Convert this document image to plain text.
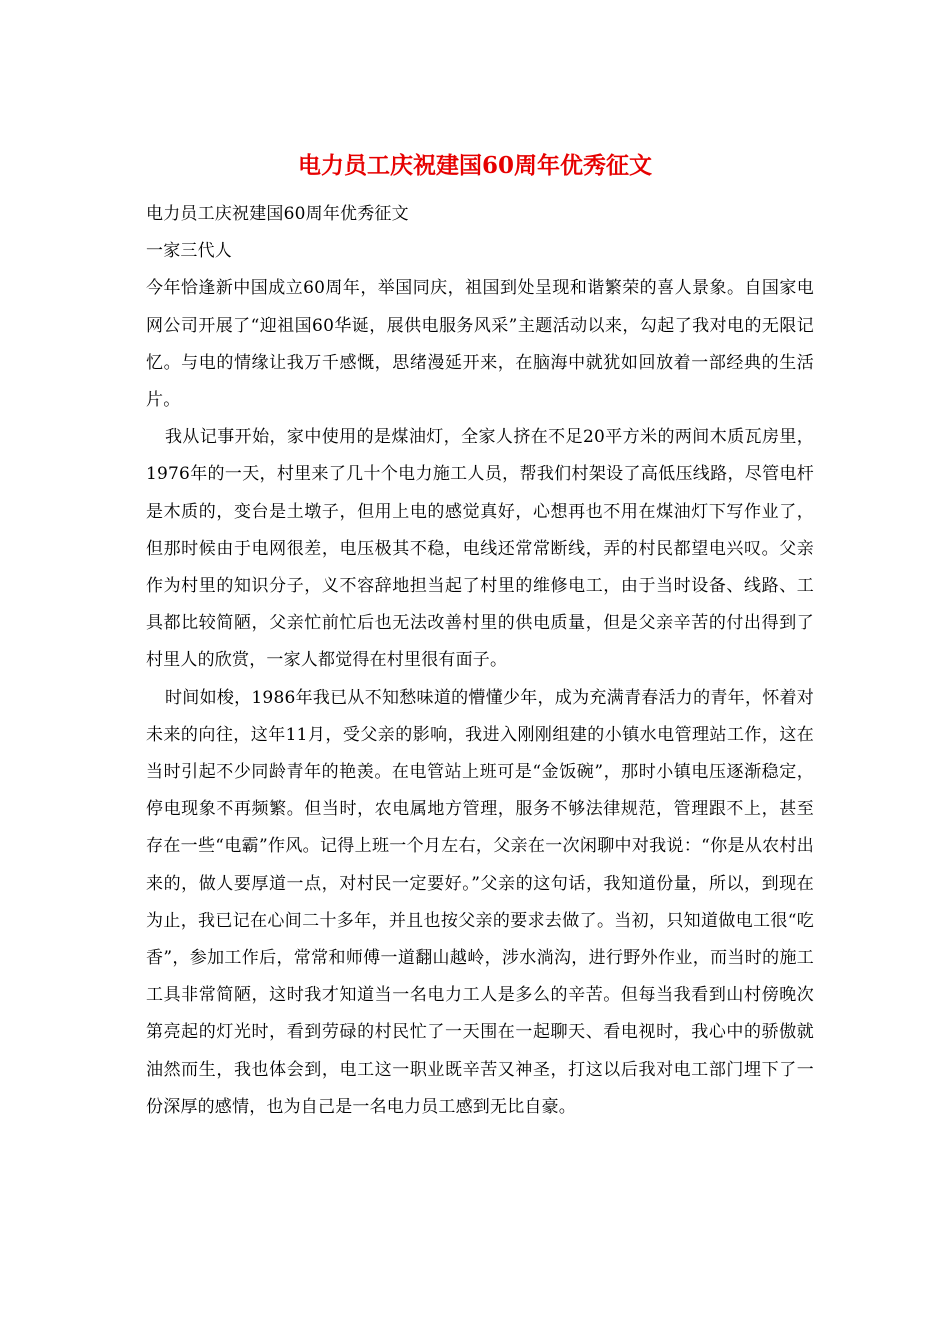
电力员工庆祝建国60周年优秀征文

电力员工庆祝建国60周年优秀征文

一家三代人

今年恰逢新中国成立60周年，举国同庆，祖国到处呈现和谐繁荣的喜人景象。自国家电网公司开展了“迎祖国60华诞，展供电服务风采”主题活动以来，勾起了我对电的无限记忆。与电的情缘让我万千感慨，思绪漫延开来，在脑海中就犹如回放着一部经典的生活片。

我从记事开始，家中使用的是煤油灯，全家人挤在不足20平方米的两间木质瓦房里，1976年的一天，村里来了几十个电力施工人员，帮我们村架设了高低压线路，尽管电杆是木质的，变台是土墩子，但用上电的感觉真好，心想再也不用在煤油灯下写作业了，但那时候由于电网很差，电压极其不稳，电线还常常断线，弄的村民都望电兴叹。父亲作为村里的知识分子，义不容辞地担当起了村里的维修电工，由于当时设备、线路、工具都比较简陋，父亲忙前忙后也无法改善村里的供电质量，但是父亲辛苦的付出得到了村里人的欣赏，一家人都觉得在村里很有面子。

时间如梭，1986年我已从不知愁味道的懵懂少年，成为充满青春活力的青年，怀着对未来的向往，这年11月，受父亲的影响，我进入刚刚组建的小镇水电管理站工作，这在当时引起不少同龄青年的艳羡。在电管站上班可是“金饭碗”，那时小镇电压逐渐稳定，停电现象不再频繁。但当时，农电属地方管理，服务不够法律规范，管理跟不上，甚至存在一些“电霸”作风。记得上班一个月左右，父亲在一次闲聊中对我说：“你是从农村出来的，做人要厚道一点，对村民一定要好。”父亲的这句话，我知道份量，所以，到现在为止，我已记在心间二十多年，并且也按父亲的要求去做了。当初，只知道做电工很“吃香”，参加工作后，常常和师傅一道翻山越岭，涉水淌沟，进行野外作业，而当时的施工工具非常简陋，这时我才知道当一名电力工人是多么的辛苦。但每当我看到山村傍晚次第亮起的灯光时，看到劳碌的村民忙了一天围在一起聊天、看电视时，我心中的骄傲就油然而生，我也体会到，电工这一职业既辛苦又神圣，打这以后我对电工部门埋下了一份深厚的感情，也为自己是一名电力员工感到无比自豪。
